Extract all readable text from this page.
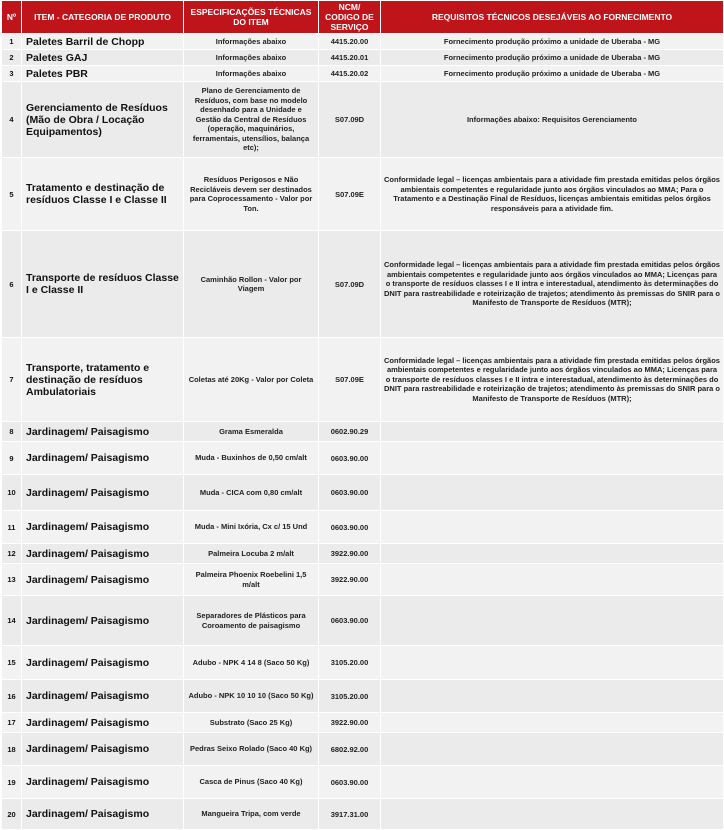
Nº	ITEM - CATEGORIA DE PRODUTO	ESPECIFICAÇÕES TÉCNICAS DO ITEM	NCM/ CODIGO DE SERVIÇO	REQUISITOS TÉCNICOS DESEJÁVEIS AO FORNECIMENTO
1	Paletes Barril de Chopp	Informações abaixo	4415.20.00	Fornecimento produção próximo a unidade de Uberaba - MG
2	Paletes GAJ	Informações abaixo	4415.20.01	Fornecimento produção próximo a unidade de Uberaba - MG
3	Paletes PBR	Informações abaixo	4415.20.02	Fornecimento produção próximo a unidade de Uberaba - MG
4	Gerenciamento de Resíduos (Mão de Obra / Locação Equipamentos)	Plano de Gerenciamento de Resíduos, com base no modelo desenhado para a Unidade e Gestão da Central de Resíduos (operação, maquinários, ferramentais, utensílios, balança etc);	S07.09D	Informações abaixo: Requisitos Gerenciamento
5	Tratamento e destinação de resíduos Classe I e Classe II	Resíduos Perigosos e Não Recicláveis devem ser destinados para Coprocessamento - Valor por Ton.	S07.09E	Conformidade legal – licenças ambientais para a atividade fim prestada emitidas pelos órgãos ambientais competentes e regularidade junto aos órgãos vinculados ao MMA; Para o Tratamento e a Destinação Final de Resíduos, licenças ambientais emitidas pelos órgãos responsáveis para a atividade fim.
6	Transporte de resíduos Classe I e Classe II	Caminhão Rollon - Valor por Viagem	S07.09D	Conformidade legal – licenças ambientais para a atividade fim prestada emitidas pelos órgãos ambientais competentes e regularidade junto aos órgãos vinculados ao MMA; Licenças para o transporte de resíduos classes I e II intra e interestadual, atendimento às determinações do DNIT para rastreabilidade e roteirização de trajetos; atendimento às premissas do SNIR para o Manifesto de Transporte de Resíduos (MTR);
7	Transporte, tratamento e destinação de resíduos Ambulatoriais	Coletas até 20Kg - Valor por Coleta	S07.09E	Conformidade legal – licenças ambientais para a atividade fim prestada emitidas pelos órgãos ambientais competentes e regularidade junto aos órgãos vinculados ao MMA; Licenças para o transporte de resíduos classes I e II intra e interestadual, atendimento às determinações do DNIT para rastreabilidade e roteirização de trajetos; atendimento às premissas do SNIR para o Manifesto de Transporte de Resíduos (MTR);
8	Jardinagem/ Paisagismo	Grama Esmeralda	0602.90.29	
9	Jardinagem/ Paisagismo	Muda - Buxinhos de 0,50 cm/alt	0603.90.00	
10	Jardinagem/ Paisagismo	Muda - CICA com 0,80 cm/alt	0603.90.00	
11	Jardinagem/ Paisagismo	Muda - Mini Ixória, Cx c/ 15 Und	0603.90.00	
12	Jardinagem/ Paisagismo	Palmeira Locuba 2 m/alt	3922.90.00	
13	Jardinagem/ Paisagismo	Palmeira Phoenix Roebelini 1,5 m/alt	3922.90.00	
14	Jardinagem/ Paisagismo	Separadores de Plásticos para Coroamento de paisagismo	0603.90.00	
15	Jardinagem/ Paisagismo	Adubo - NPK 4 14 8 (Saco 50 Kg)	3105.20.00	
16	Jardinagem/ Paisagismo	Adubo - NPK 10 10 10 (Saco 50 Kg)	3105.20.00	
17	Jardinagem/ Paisagismo	Substrato (Saco 25 Kg)	3922.90.00	
18	Jardinagem/ Paisagismo	Pedras Seixo Rolado (Saco 40 Kg)	6802.92.00	
19	Jardinagem/ Paisagismo	Casca de Pinus (Saco 40 Kg)	0603.90.00	
20	Jardinagem/ Paisagismo	Mangueira Tripa, com verde	3917.31.00	
